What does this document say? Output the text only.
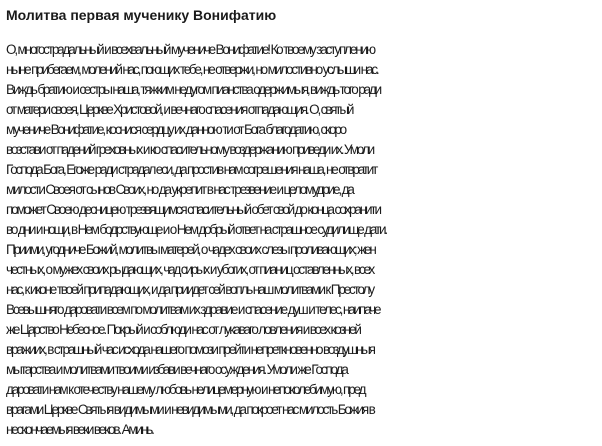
Молитва первая мученику Вонифатию
О, многострадальный и всехвальный мучениче Вонифатие! Ко твоему заступлению
ныне прибегаем, молений нас, поющих тебе, не отвержи, но милостивно услыши нас.
Виждь братию и сестры наша, тяжким недугом пианства одержимыя, виждь того ради
от матери своея, Церкве Христовой, и вечнаго спасения отпадающия. О, святый
мучениче Вонифатие, коснися сердцу их данною ти от Бога благодатию, скоро
возстави от падений греховных и ко спасительному воздержанию приведи их. Умоли
Господа Бога, Егоже ради страдал еси, да простив нам согрешения наша, не отвратит
милости Своея от сынов Своих, но да укрепит в нас трезвение и целомудрие, да
поможет Своею десницею трезвящимся спасительный обет свой до конца сохранити
во дни и нощи, в Нем бодрствующе и о Нем добрый ответ на страшное судилище дати.
Приими, угодниче Божий, молитвы матерей, о чадех своих слезы проливающих; жен
честных, о мужех своих рыдающих, чад сирых и убогих, от пианиц оставленных, всех
нас, к иконе твоей припадающих, и да приидет сей вопль наш молитвами к Престолу
Всевышняго даровати всем по молитвам их здравие и спасение душ и телес, наипаче
же Царство Небесное. Покрый и соблюди нас от лукаваго ловления и всех козней
вражиих, в страшный час исхода нашего помози прейти непреткновенно воздушныя
мытарства и молитвами твоими избави вечнаго осуждения. Умоли же Господа
даровати нам к отечеству нашему любовь нелицемерную и непоколебимую, пред
врагами Церкве Святыя видимыми и невидимыми, да покроет нас милость Божия в
нескончаемыя веки веков. Аминь.
